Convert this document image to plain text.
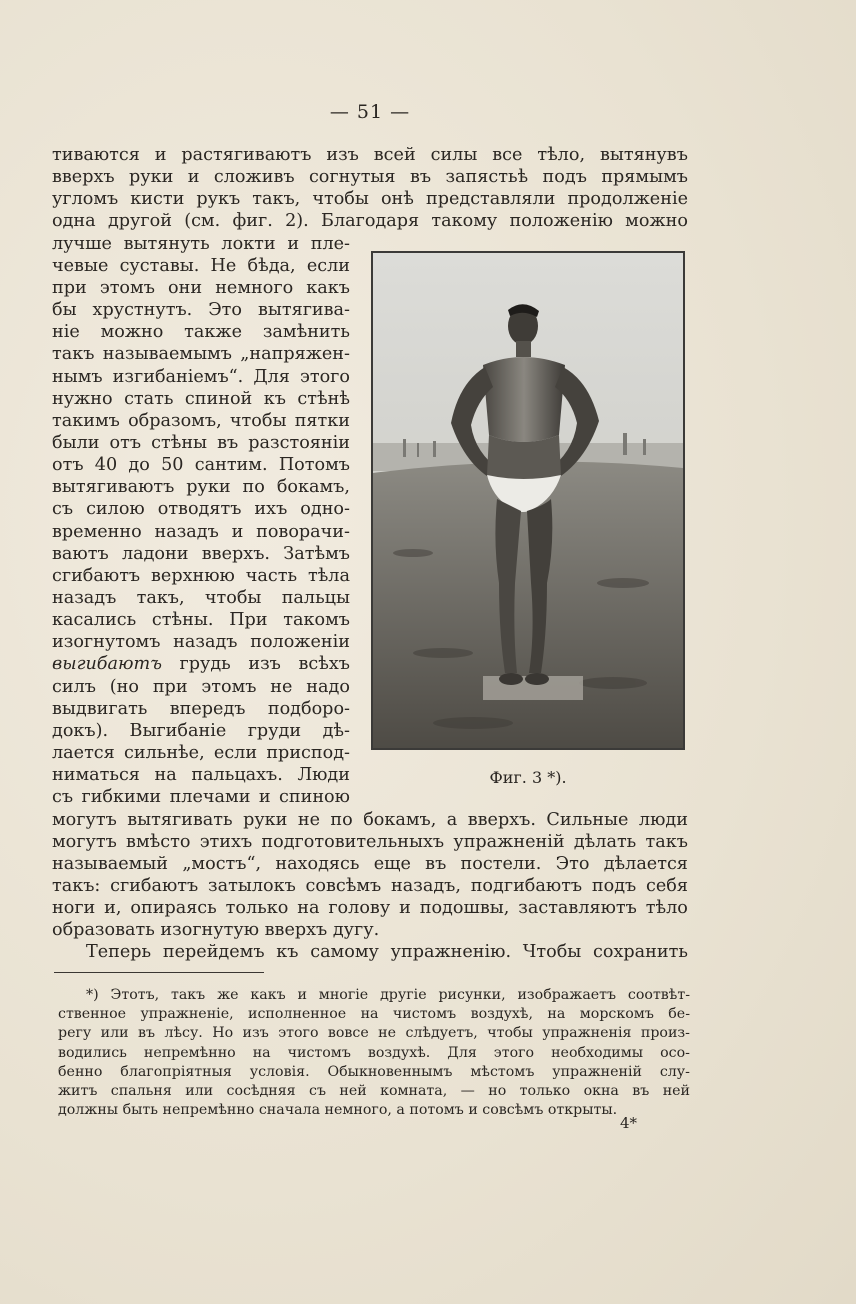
— 51 —
тиваются и растягиваютъ изъ всей силы все тѣло, вытянувъ
вверхъ руки и сложивъ согнутыя въ запястьѣ подъ прямымъ
угломъ кисти рукъ такъ, чтобы онѣ представляли продолженіе
одна другой (см. фиг. 2). Благодаря такому положенію можно
лучше вытянуть локти и пле-
чевые суставы. Не бѣда, если
при этомъ они немного какъ
бы хрустнутъ. Это вытягива-
ніе можно также замѣнить
такъ называемымъ „напряжен-
нымъ изгибаніемъ“. Для этого
нужно стать спиной къ стѣнѣ
такимъ образомъ, чтобы пятки
были отъ стѣны въ разстояніи
отъ 40 до 50 сантим. Потомъ
вытягиваютъ руки по бокамъ,
съ силою отводятъ ихъ одно-
временно назадъ и поворачи-
ваютъ ладони вверхъ. Затѣмъ
сгибаютъ верхнюю часть тѣла
назадъ такъ, чтобы пальцы
касались стѣны. При такомъ
изогнутомъ назадъ положеніи
выгибаютъ грудь изъ всѣхъ
силъ (но при этомъ не надо
выдвигать впередъ подборо-
докъ). Выгибаніе груди дѣ-
лается сильнѣе, если приспод-
ниматься на пальцахъ. Люди
съ гибкими плечами и спиною
могутъ вытягивать руки не по бокамъ, а вверхъ. Сильные люди
могутъ вмѣсто этихъ подготовительныхъ упражненій дѣлать такъ
называемый „мостъ“, находясь еще въ постели. Это дѣлается
такъ: сгибаютъ затылокъ совсѣмъ назадъ, подгибаютъ подъ себя
ноги и, опираясь только на голову и подошвы, заставляютъ тѣло
образовать изогнутую вверхъ дугу.
Теперь перейдемъ къ самому упражненію. Чтобы сохранить
Фиг. 3 *).
*) Этотъ, такъ же какъ и многіе другіе рисунки, изображаетъ соотвѣт-
ственное упражненіе, исполненное на чистомъ воздухѣ, на морскомъ бе-
регу или въ лѣсу. Но изъ этого вовсе не слѣдуетъ, чтобы упражненія произ-
водились непремѣнно на чистомъ воздухѣ. Для этого необходимы осо-
бенно благопріятныя условія. Обыкновеннымъ мѣстомъ упражненій слу-
житъ спальня или сосѣдняя съ ней комната, — но только окна въ ней
должны быть непремѣнно сначала немного, а потомъ и совсѣмъ открыты.
4*
